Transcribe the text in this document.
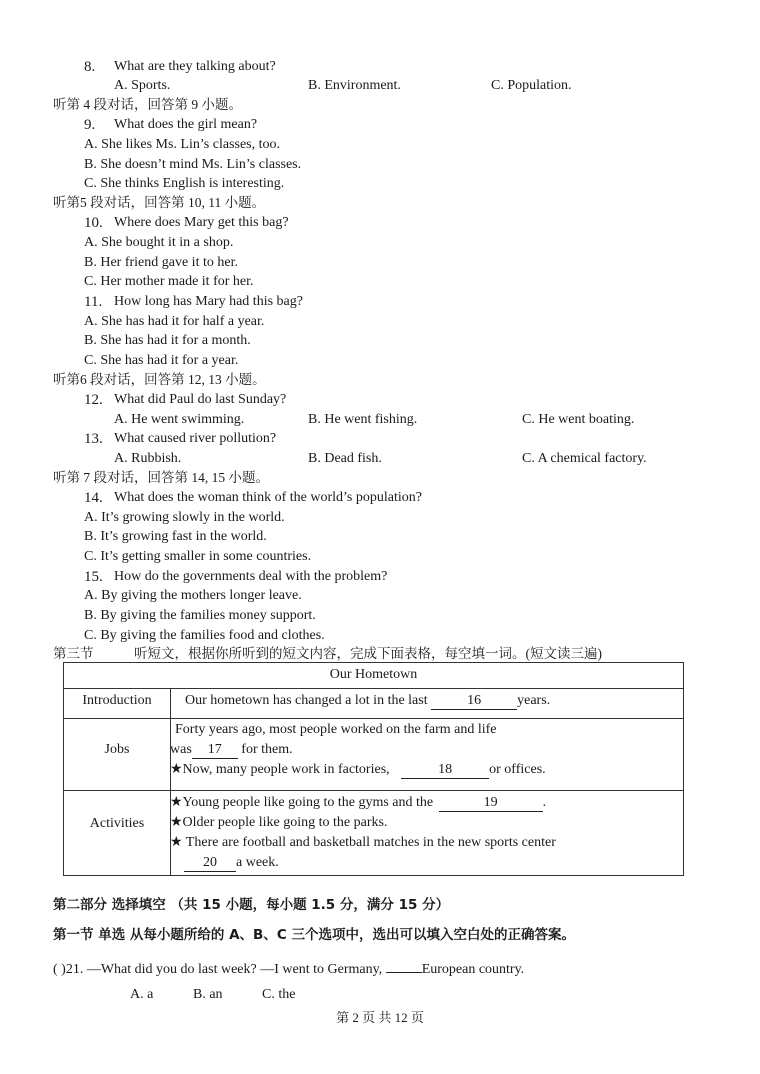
8. What are they talking about?
A. Sports.	B. Environment.	C. Population.
听第 4 段对话，回答第 9 小题。
9. What does the girl mean?
A. She likes Ms. Lin’s classes, too.
B. She doesn’t mind Ms. Lin’s classes.
C. She thinks English is interesting.
听第5 段对话，回答第 10, 11 小题。
10. Where does Mary get this bag?
A. She bought it in a shop.
B. Her friend gave it to her.
C. Her mother made it for her.
11. How long has Mary had this bag?
A. She has had it for half a year.
B. She has had it for a month.
C. She has had it for a year.
听第6 段对话，回答第 12, 13 小题。
12. What did Paul do last Sunday?
A. He went swimming.	B. He went fishing.	C. He went boating.
13. What caused river pollution?
A. Rubbish.	B. Dead fish.	C. A chemical factory.
听第 7 段对话，回答第 14, 15 小题。
14. What does the woman think of the world’s population?
A. It’s growing slowly in the world.
B. It’s growing fast in the world.
C. It’s getting smaller in some countries.
15. How do the governments deal with the problem?
A. By giving the mothers longer leave.
B. By giving the families money support.
C. By giving the families food and clothes.
第三节	听短文，根据你所听到的短文内容，完成下面表格，每空填一词。(短文读三遍)
Our Hometown
Introduction	Our hometown has changed a lot in the last	16	years.
Jobs
Forty years ago, most people worked on the farm and life
was 17 for them.
★Now, many people work in factories,	18	or offices.
Activities
★Young people like going to the gyms and the	19	.
★Older people like going to the parks.
★ There are football and basketball matches in the new sports center
20 a week.
第二部分 选择填空 （共 15 小题，每小题 1.5 分，满分 15 分）
第一节 单选 从每小题所给的 A、B、C 三个选项中，选出可以填入空白处的正确答案。
( )21. —What did you do last week? —I went to Germany,	European country.
A. a	B. an	C. the
第 2 页 共 12 页
